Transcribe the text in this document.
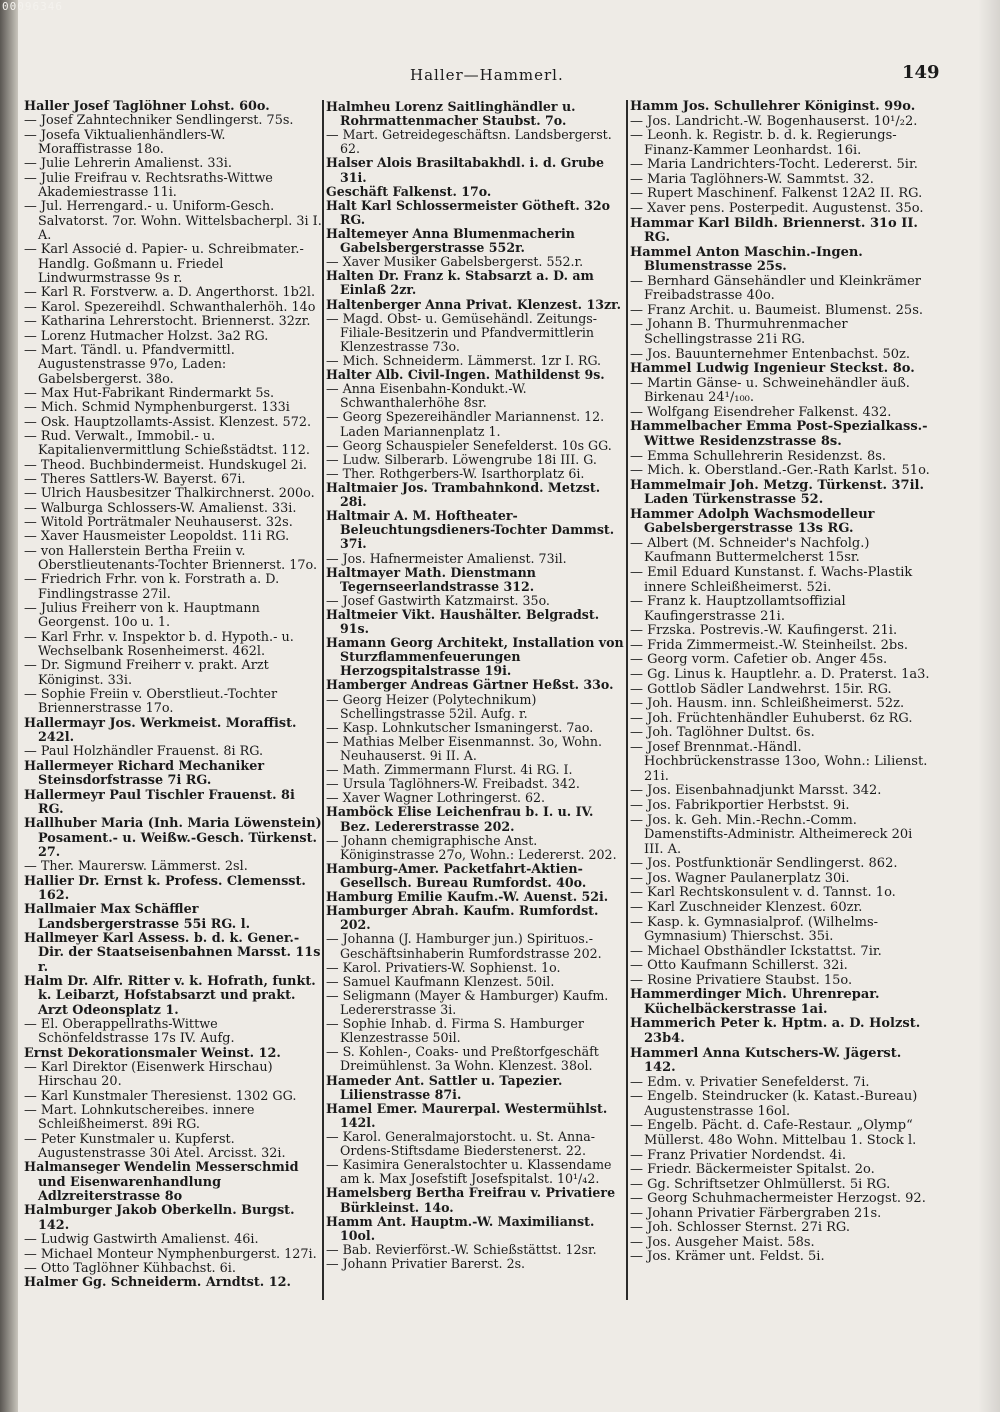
00096346
Haller—Hammerl.	149

Haller Josef Taglöhner Lohst. 60o.

— Josef Zahntechniker Sendlingerst. 75s.

— Josefa Viktualienhändlers-W. Moraffistrasse 18o.

— Julie Lehrerin Amalienst. 33i.

— Julie Freifrau v. Rechtsraths-Wittwe Akademiestrasse 11i.

— Jul. Herrengard.- u. Uniform-Gesch. Salvatorst. 7or. Wohn. Wittelsbacherpl. 3i I. A.

— Karl Associé d. Papier- u. Schreibmater.-Handlg. Goßmann u. Friedel Lindwurmstrasse 9s r.

— Karl R. Forstverw. a. D. Angerthorst. 1b2l.

— Karol. Spezereihdl. Schwanthalerhöh. 14o

— Katharina Lehrerstocht. Briennerst. 32zr.

— Lorenz Hutmacher Holzst. 3a2 RG.

— Mart. Tändl. u. Pfandvermittl. Augustenstrasse 97o, Laden: Gabelsbergerst. 38o.

— Max Hut-Fabrikant Rindermarkt 5s.

— Mich. Schmid Nymphenburgerst. 133i

— Osk. Hauptzollamts-Assist. Klenzest. 572.

— Rud. Verwalt., Immobil.- u. Kapitalienvermittlung Schießstädtst. 112.

— Theod. Buchbindermeist. Hundskugel 2i.

— Theres Sattlers-W. Bayerst. 67i.

— Ulrich Hausbesitzer Thalkirchnerst. 200o.

— Walburga Schlossers-W. Amalienst. 33i.

— Witold Porträtmaler Neuhauserst. 32s.

— Xaver Hausmeister Leopoldst. 11i RG.

— von Hallerstein Bertha Freiin v. Oberstlieutenants-Tochter Briennerst. 17o.

— Friedrich Frhr. von k. Forstrath a. D. Findlingstrasse 27il.

— Julius Freiherr von k. Hauptmann Georgenst. 10o u. 1.

— Karl Frhr. v. Inspektor b. d. Hypoth.- u. Wechselbank Rosenheimerst. 462l.

— Dr. Sigmund Freiherr v. prakt. Arzt Königinst. 33i.

— Sophie Freiin v. Oberstlieut.-Tochter Briennerstrasse 17o.

Hallermayr Jos. Werkmeist. Moraffist. 242l.

— Paul Holzhändler Frauenst. 8i RG.

Hallermeyer Richard Mechaniker Steinsdorfstrasse 7i RG.

Hallermeyr Paul Tischler Frauenst. 8i RG.

Hallhuber Maria (Inh. Maria Löwenstein) Posament.- u. Weißw.-Gesch. Türkenst. 27.

— Ther. Maurersw. Lämmerst. 2sl.

Hallier Dr. Ernst k. Profess. Clemensst. 162.

Hallmaier Max Schäffler Landsbergerstrasse 55i RG. l.

Hallmeyer Karl Assess. b. d. k. Gener.-Dir. der Staatseisenbahnen Marsst. 11s r.

Halm Dr. Alfr. Ritter v. k. Hofrath, funkt. k. Leibarzt, Hofstabsarzt und prakt. Arzt Odeonsplatz 1.

— El. Oberappellraths-Wittwe Schönfeldstrasse 17s IV. Aufg.

Ernst Dekorationsmaler Weinst. 12.

— Karl Direktor (Eisenwerk Hirschau) Hirschau 20.

— Karl Kunstmaler Theresienst. 1302 GG.

— Mart. Lohnkutschereibes. innere Schleißheimerst. 89i RG.

— Peter Kunstmaler u. Kupferst. Augustenstrasse 30i Atel. Arcisst. 32i.

Halmanseger Wendelin Messerschmid und Eisenwarenhandlung Adlzreiterstrasse 8o

Halmburger Jakob Oberkelln. Burgst. 142.

— Ludwig Gastwirth Amalienst. 46i.

— Michael Monteur Nymphenburgerst. 127i.

— Otto Taglöhner Kühbachst. 6i.

Halmer Gg. Schneiderm. Arndtst. 12.

Halmheu Lorenz Saitlinghändler u. Rohrmattenmacher Staubst. 7o.

— Mart. Getreidegeschäftsn. Landsbergerst. 62.

Halser Alois Brasiltabakhdl. i. d. Grube 31i.

Geschäft Falkenst. 17o.

Halt Karl Schlossermeister Götheft. 32o RG.

Haltemeyer Anna Blumenmacherin Gabelsbergerstrasse 552r.

— Xaver Musiker Gabelsbergerst. 552.r.

Halten Dr. Franz k. Stabsarzt a. D. am Einlaß 2zr.

Haltenberger Anna Privat. Klenzest. 13zr.

— Magd. Obst- u. Gemüsehändl. Zeitungs-Filiale-Besitzerin und Pfandvermittlerin Klenzestrasse 73o.

— Mich. Schneiderm. Lämmerst. 1zr I. RG.

Halter Alb. Civil-Ingen. Mathildenst 9s.

— Anna Eisenbahn-Kondukt.-W. Schwanthalerhöhe 8sr.

— Georg Spezereihändler Mariannenst. 12. Laden Mariannenplatz 1.

— Georg Schauspieler Senefelderst. 10s GG.

— Ludw. Silberarb. Löwengrube 18i III. G.

— Ther. Rothgerbers-W. Isarthorplatz 6i.

Haltmaier Jos. Trambahnkond. Metzst. 28i.

Haltmair A. M. Hoftheater-Beleuchtungsdieners-Tochter Dammst. 37i.

— Jos. Hafnermeister Amalienst. 73il.

Haltmayer Math. Dienstmann Tegernseerlandstrasse 312.

— Josef Gastwirth Katzmairst. 35o.

Haltmeier Vikt. Haushälter. Belgradst. 91s.

Hamann Georg Architekt, Installation von Sturzflammenfeuerungen Herzogspitalstrasse 19i.

Hamberger Andreas Gärtner Heßst. 33o.

— Georg Heizer (Polytechnikum) Schellingstrasse 52il. Aufg. r.

— Kasp. Lohnkutscher Ismaningerst. 7ao.

— Mathias Melber Eisenmannst. 3o, Wohn. Neuhauserst. 9i II. A.

— Math. Zimmermann Flurst. 4i RG. I.

— Ursula Taglöhners-W. Freibadst. 342.

— Xaver Wagner Lothringerst. 62.

Hamböck Elise Leichenfrau b. I. u. IV. Bez. Ledererstrasse 202.

— Johann chemigraphische Anst. Königinstrasse 27o, Wohn.: Ledererst. 202.

Hamburg-Amer. Packetfahrt-Aktien-Gesellsch. Bureau Rumfordst. 40o.

Hamburg Emilie Kaufm.-W. Auenst. 52i.

Hamburger Abrah. Kaufm. Rumfordst. 202.

— Johanna (J. Hamburger jun.) Spirituos.-Geschäftsinhaberin Rumfordstrasse 202.

— Karol. Privatiers-W. Sophienst. 1o.

— Samuel Kaufmann Klenzest. 50il.

— Seligmann (Mayer & Hamburger) Kaufm. Ledererstrasse 3i.

— Sophie Inhab. d. Firma S. Hamburger Klenzestrasse 50il.

— S. Kohlen-, Coaks- und Preßtorfgeschäft Dreimühlenst. 3a Wohn. Klenzest. 38ol.

Hameder Ant. Sattler u. Tapezier. Lilienstrasse 87i.

Hamel Emer. Maurerpal. Westermühlst. 142l.

— Karol. Generalmajorstocht. u. St. Anna-Ordens-Stiftsdame Biederstenerst. 22.

— Kasimira Generalstochter u. Klassendame am k. Max Josefstift Josefspitalst. 10¹/₄2.

Hamelsberg Bertha Freifrau v. Privatiere Bürkleinst. 14o.

Hamm Ant. Hauptm.-W. Maximilianst. 10ol.

— Bab. Revierförst.-W. Schießstättst. 12sr.

— Johann Privatier Barerst. 2s.

Hamm Jos. Schullehrer Königinst. 99o.

— Jos. Landricht.-W. Bogenhauserst. 10¹/₂2.

— Leonh. k. Registr. b. d. k. Regierungs-Finanz-Kammer Leonhardst. 16i.

— Maria Landrichters-Tocht. Ledererst. 5ir.

— Maria Taglöhners-W. Sammtst. 32.

— Rupert Maschinenf. Falkenst 12A2 II. RG.

— Xaver pens. Posterpedit. Augustenst. 35o.

Hammar Karl Bildh. Briennerst. 31o II. RG.

Hammel Anton Maschin.-Ingen. Blumenstrasse 25s.

— Bernhard Gänsehändler und Kleinkrämer Freibadstrasse 40o.

— Franz Archit. u. Baumeist. Blumenst. 25s.

— Johann B. Thurmuhrenmacher Schellingstrasse 21i RG.

— Jos. Bauunternehmer Entenbachst. 50z.

Hammel Ludwig Ingenieur Steckst. 8o.

— Martin Gänse- u. Schweinehändler äuß. Birkenau 24¹/₁₀₀.

— Wolfgang Eisendreher Falkenst. 432.

Hammelbacher Emma Post-Spezialkass.-Wittwe Residenzstrasse 8s.

— Emma Schullehrerin Residenzst. 8s.

— Mich. k. Oberstland.-Ger.-Rath Karlst. 51o.

Hammelmair Joh. Metzg. Türkenst. 37il. Laden Türkenstrasse 52.

Hammer Adolph Wachsmodelleur Gabelsbergerstrasse 13s RG.

— Albert (M. Schneider's Nachfolg.) Kaufmann Buttermelcherst 15sr.

— Emil Eduard Kunstanst. f. Wachs-Plastik innere Schleißheimerst. 52i.

— Franz k. Hauptzollamtsoffizial Kaufingerstrasse 21i.

— Frzska. Postrevis.-W. Kaufingerst. 21i.

— Frida Zimmermeist.-W. Steinheilst. 2bs.

— Georg vorm. Cafetier ob. Anger 45s.

— Gg. Linus k. Hauptlehr. a. D. Praterst. 1a3.

— Gottlob Sädler Landwehrst. 15ir. RG.

— Joh. Hausm. inn. Schleißheimerst. 52z.

— Joh. Früchtenhändler Euhuberst. 6z RG.

— Joh. Taglöhner Dultst. 6s.

— Josef Brennmat.-Händl. Hochbrückenstrasse 13oo, Wohn.: Lilienst. 21i.

— Jos. Eisenbahnadjunkt Marsst. 342.

— Jos. Fabrikportier Herbstst. 9i.

— Jos. k. Geh. Min.-Rechn.-Comm. Damenstifts-Administr. Altheimereck 20i III. A.

— Jos. Postfunktionär Sendlingerst. 862.

— Jos. Wagner Paulanerplatz 30i.

— Karl Rechtskonsulent v. d. Tannst. 1o.

— Karl Zuschneider Klenzest. 60zr.

— Kasp. k. Gymnasialprof. (Wilhelms-Gymnasium) Thierschst. 35i.

— Michael Obsthändler Ickstattst. 7ir.

— Otto Kaufmann Schillerst. 32i.

— Rosine Privatiere Staubst. 15o.

Hammerdinger Mich. Uhrenrepar. Küchelbäckerstrasse 1ai.

Hammerich Peter k. Hptm. a. D. Holzst. 23b4.

Hammerl Anna Kutschers-W. Jägerst. 142.

— Edm. v. Privatier Senefelderst. 7i.

— Engelb. Steindrucker (k. Katast.-Bureau) Augustenstrasse 16ol.

— Engelb. Pächt. d. Cafe-Restaur. „Olymp“ Müllerst. 48o Wohn. Mittelbau 1. Stock l.

— Franz Privatier Nordendst. 4i.

— Friedr. Bäckermeister Spitalst. 2o.

— Gg. Schriftsetzer Ohlmüllerst. 5i RG.

— Georg Schuhmachermeister Herzogst. 92.

— Johann Privatier Färbergraben 21s.

— Joh. Schlosser Sternst. 27i RG.

— Jos. Ausgeher Maist. 58s.

— Jos. Krämer unt. Feldst. 5i.
